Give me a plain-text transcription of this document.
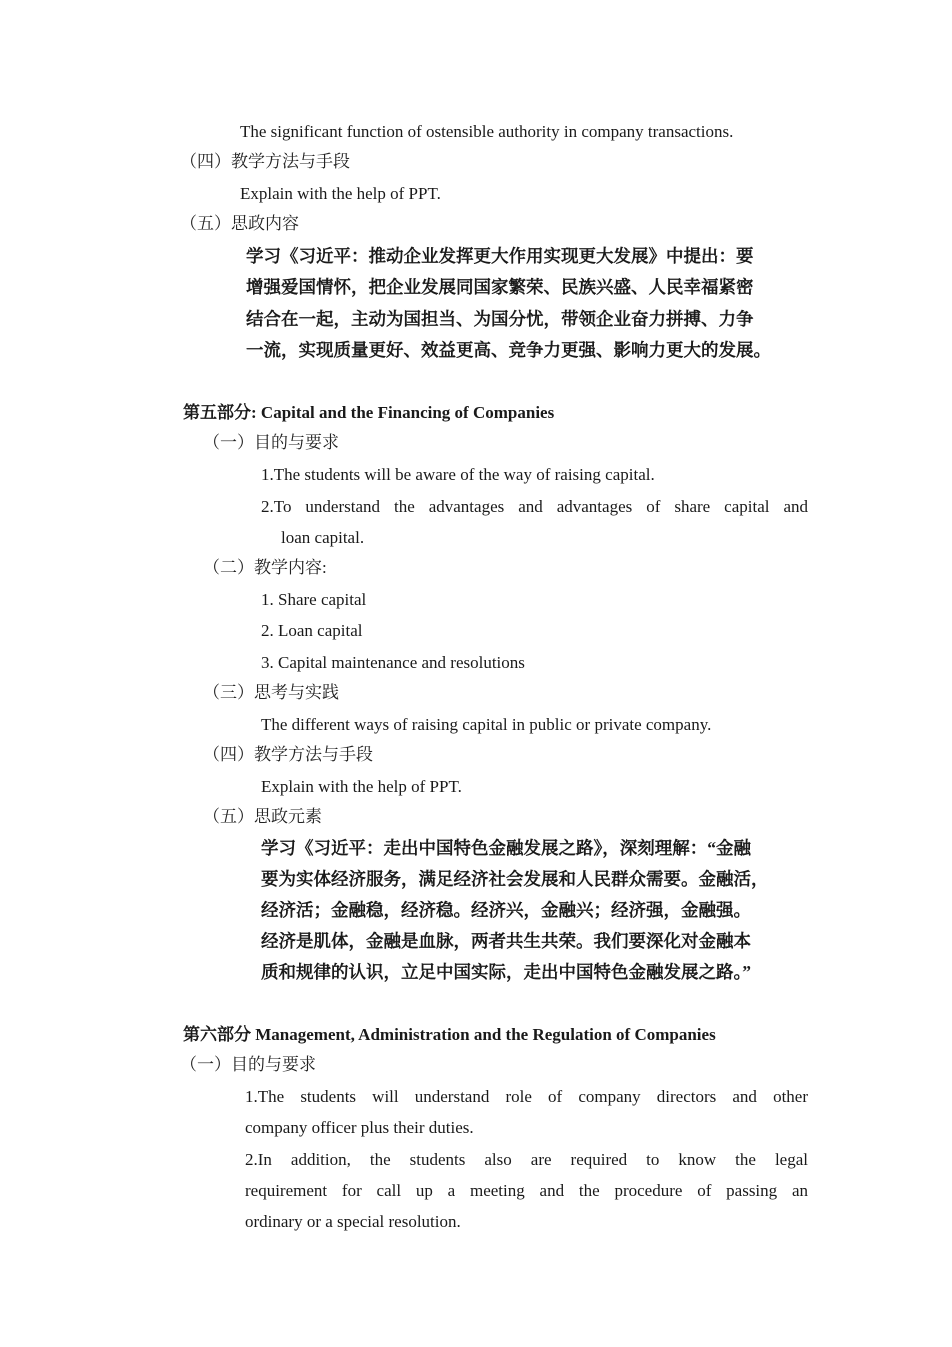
The significant function of ostensible authority in company transactions.
（四）教学方法与手段
Explain with the help of PPT.
（五）思政内容
学习《习近平：推动企业发挥更大作用实现更大发展》中提出：要
增强爱国情怀，把企业发展同国家繁荣、民族兴盛、人民幸福紧密
结合在一起，主动为国担当、为国分忧，带领企业奋力拼搏、力争
一流，实现质量更好、效益更高、竞争力更强、影响力更大的发展。
第五部分: Capital and the Financing of Companies
（一）目的与要求
1.The students will be aware of the way of raising capital.
2.To understand the advantages and advantages of share capital and
loan capital.
（二）教学内容:
1. Share capital
2. Loan capital
3. Capital maintenance and resolutions
（三）思考与实践
The different ways of raising capital in public or private company.
（四）教学方法与手段
Explain with the help of PPT.
（五）思政元素
学习《习近平：走出中国特色金融发展之路》，深刻理解：“金融
要为实体经济服务，满足经济社会发展和人民群众需要。金融活，
经济活；金融稳，经济稳。经济兴，金融兴；经济强，金融强。
经济是肌体，金融是血脉，两者共生共荣。我们要深化对金融本
质和规律的认识，立足中国实际，走出中国特色金融发展之路。”
第六部分 Management, Administration and the Regulation of Companies
（一）目的与要求
1.The students will understand role of company directors and other
company officer plus their duties.
2.In addition, the students also are required to know the legal
requirement for call up a meeting and the procedure of passing an
ordinary or a special resolution.
